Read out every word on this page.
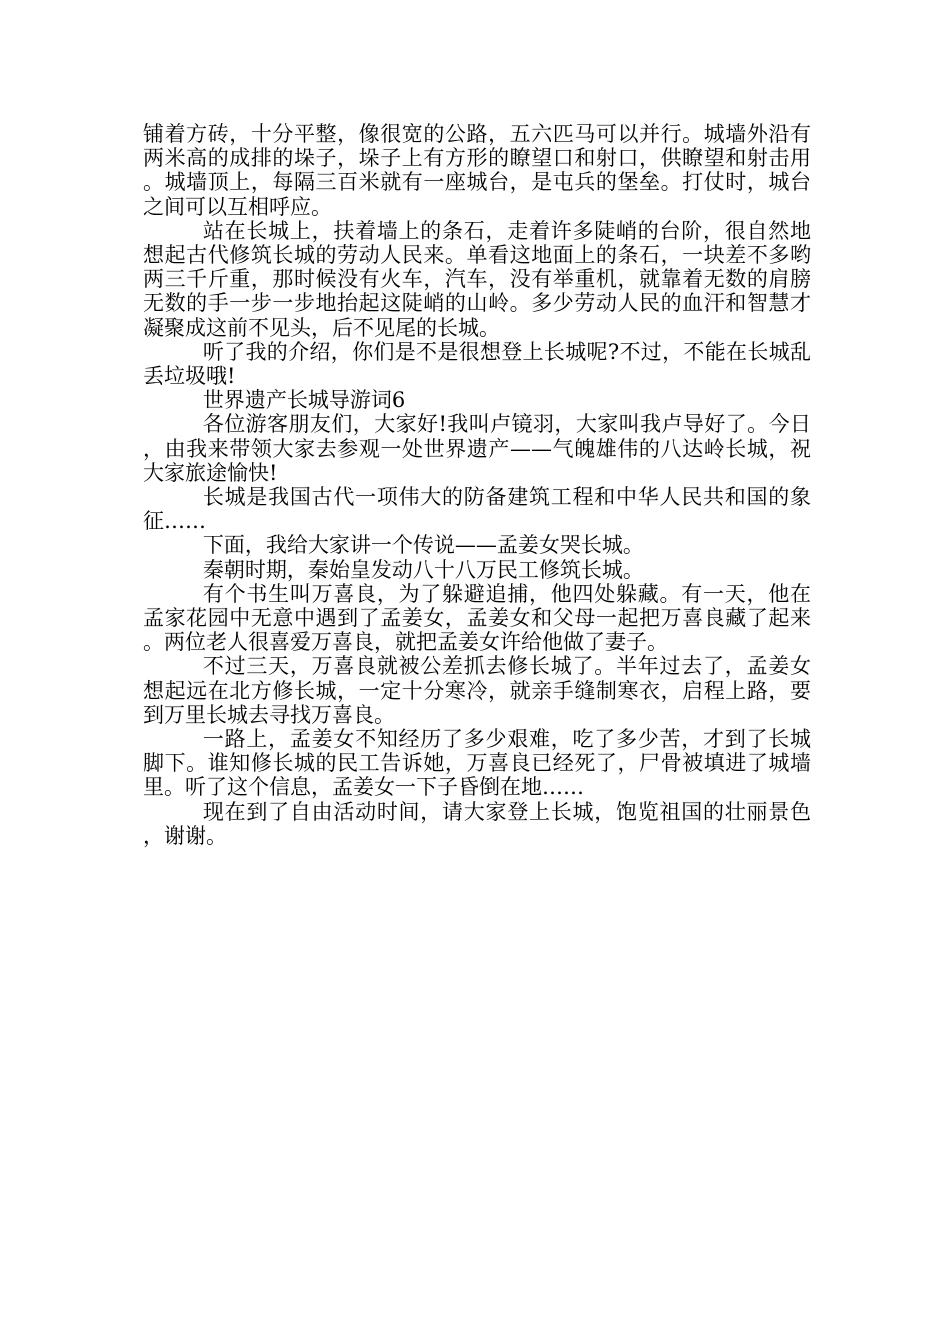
铺着方砖，十分平整，像很宽的公路，五六匹马可以并行。城墙外沿有两米高的成排的垛子，垛子上有方形的瞭望口和射口，供瞭望和射击用。城墙顶上，每隔三百米就有一座城台，是屯兵的堡垒。打仗时，城台之间可以互相呼应。

站在长城上，扶着墙上的条石，走着许多陡峭的台阶，很自然地想起古代修筑长城的劳动人民来。单看这地面上的条石，一块差不多哟两三千斤重，那时候没有火车，汽车，没有举重机，就靠着无数的肩膀无数的手一步一步地抬起这陡峭的山岭。多少劳动人民的血汗和智慧才凝聚成这前不见头，后不见尾的长城。

听了我的介绍，你们是不是很想登上长城呢?不过，不能在长城乱丢垃圾哦!

世界遗产长城导游词6

各位游客朋友们，大家好!我叫卢镜羽，大家叫我卢导好了。今日，由我来带领大家去参观一处世界遗产——气魄雄伟的八达岭长城，祝大家旅途愉快!

长城是我国古代一项伟大的防备建筑工程和中华人民共和国的象征……

下面，我给大家讲一个传说——孟姜女哭长城。

秦朝时期，秦始皇发动八十八万民工修筑长城。

有个书生叫万喜良，为了躲避追捕，他四处躲藏。有一天，他在孟家花园中无意中遇到了孟姜女，孟姜女和父母一起把万喜良藏了起来。两位老人很喜爱万喜良，就把孟姜女许给他做了妻子。

不过三天，万喜良就被公差抓去修长城了。半年过去了，孟姜女想起远在北方修长城，一定十分寒冷，就亲手缝制寒衣，启程上路，要到万里长城去寻找万喜良。

一路上，孟姜女不知经历了多少艰难，吃了多少苦，才到了长城脚下。谁知修长城的民工告诉她，万喜良已经死了，尸骨被填进了城墙里。听了这个信息，孟姜女一下子昏倒在地……

现在到了自由活动时间，请大家登上长城，饱览祖国的壮丽景色，谢谢。
